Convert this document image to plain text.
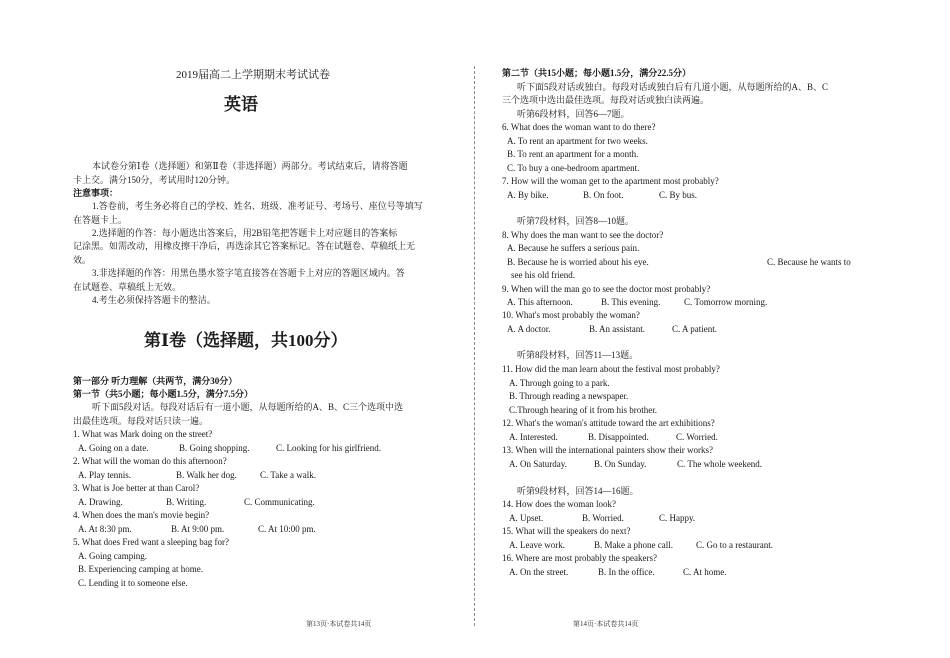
2019届高二上学期期末考试试卷
英语
本试卷分第Ⅰ卷（选择题）和第Ⅱ卷（非选择题）两部分。考试结束后，请将答题
卡上交。满分150分，考试用时120分钟。
注意事项：
1.答卷前，考生务必将自己的学校、姓名、班级、准考证号、考场号、座位号等填写
在答题卡上。
2.选择题的作答：每小题选出答案后，用2B铅笔把答题卡上对应题目的答案标
记涂黑。如需改动，用橡皮擦干净后，再选涂其它答案标记。答在试题卷、草稿纸上无
效。
3.非选择题的作答：用黑色墨水签字笔直接答在答题卡上对应的答题区域内。答
在试题卷、草稿纸上无效。
4.考生必须保持答题卡的整洁。
第Ⅰ卷（选择题，共100分）
第一部分 听力理解（共两节，满分30分）
第一节（共5小题；每小题1.5分，满分7.5分）
听下面5段对话。每段对话后有一道小题，从每题所给的A、B、C三个选项中选
出最佳选项。每段对话只读一遍。
1. What was Mark doing on the street?
A. Going on a date.	B. Going shopping.	C. Looking for his girlfriend.
2. What will the woman do this afternoon?
A. Play tennis.	B. Walk her dog.	C. Take a walk.
3. What is Joe better at than Carol?
A. Drawing.	B. Writing.	C. Communicating.
4. When does the man's movie begin?
A. At 8:30 pm.	B. At 9:00 pm.	C. At 10:00 pm.
5. What does Fred want a sleeping bag for?
A. Going camping.
B. Experiencing camping at home.
C. Lending it to someone else.
第13页·本试卷共14页
第二节（共15小题；每小题1.5分，满分22.5分）
听下面5段对话或独白。每段对话或独白后有几道小题，从每题所给的A、B、C
三个选项中选出最佳选项。每段对话或独白读两遍。
听第6段材料，回答6—7题。
6. What does the woman want to do there?
A. To rent an apartment for two weeks.
B. To rent an apartment for a month.
C. To buy a one-bedroom apartment.
7. How will the woman get to the apartment most probably?
A. By bike.	B. On foot.	C. By bus.
听第7段材料，回答8—10题。
8. Why does the man want to see the doctor?
A. Because he suffers a serious pain.
B. Because he is worried about his eye.	C. Because he wants to
see his old friend.
9. When will the man go to see the doctor most probably?
A. This afternoon.	B. This evening.	C. Tomorrow morning.
10. What's most probably the woman?
A. A doctor.	B. An assistant.	C. A patient.
听第8段材料，回答11—13题。
11. How did the man learn about the festival most probably?
A. Through going to a park.
B. Through reading a newspaper.
C.Through hearing of it from his brother.
12. What's the woman's attitude toward the art exhibitions?
A. Interested.	B. Disappointed.	C. Worried.
13. When will the international painters show their works?
A. On Saturday.	B. On Sunday.	C. The whole weekend.
听第9段材料，回答14—16题。
14. How does the woman look?
A. Upset.	B. Worried.	C. Happy.
15. What will the speakers do next?
A. Leave work.	B. Make a phone call.	C. Go to a restaurant.
16. Where are most probably the speakers?
A. On the street.	B. In the office.	C. At home.
第14页·本试卷共14页
